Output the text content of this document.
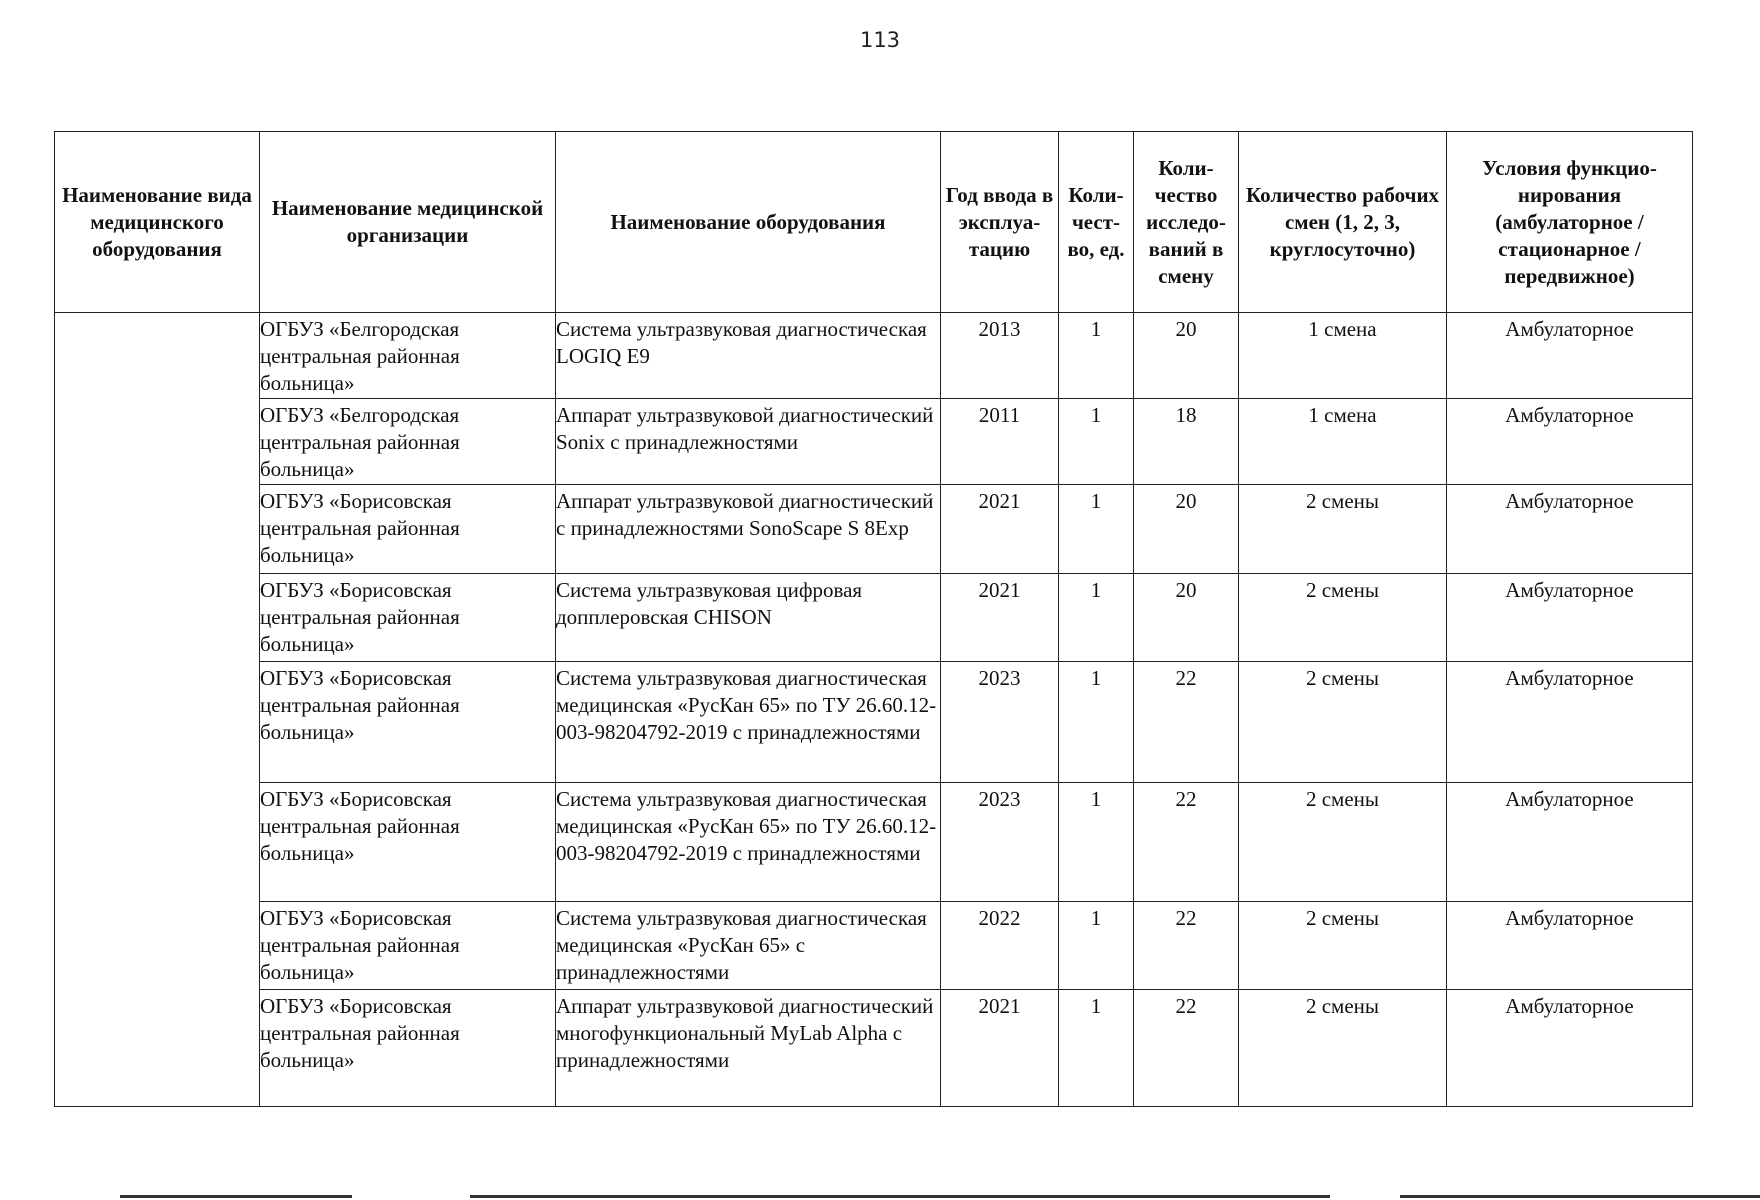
113
Наименование вида медицинского оборудования	Наименование медицинской организации	Наименование оборудования	Год ввода в эксплуа-тацию	Коли-чест-во, ед.	Коли-чество исследо-ваний в смену	Количество рабочих смен (1, 2, 3, круглосуточно)	Условия функцио-нирования (амбулаторное / стационарное / передвижное)
	ОГБУЗ «Белгородская центральная районная больница»	Система ультразвуковая диагностическая LOGIQ E9	2013	1	20	1 смена	Амбулаторное
	ОГБУЗ «Белгородская центральная районная больница»	Аппарат ультразвуковой диагностический Sonix с принадлежностями	2011	1	18	1 смена	Амбулаторное
	ОГБУЗ «Борисовская центральная районная больница»	Аппарат ультразвуковой диагностический с принадлежностями SonoScape S 8Exp	2021	1	20	2 смены	Амбулаторное
	ОГБУЗ «Борисовская центральная районная больница»	Система ультразвуковая цифровая допплеровская CHISON	2021	1	20	2 смены	Амбулаторное
	ОГБУЗ «Борисовская центральная районная больница»	Система ультразвуковая диагностическая медицинская «РусКан 65» по ТУ 26.60.12-003-98204792-2019 с принадлежностями	2023	1	22	2 смены	Амбулаторное
	ОГБУЗ «Борисовская центральная районная больница»	Система ультразвуковая диагностическая медицинская «РусКан 65» по ТУ 26.60.12-003-98204792-2019 с принадлежностями	2023	1	22	2 смены	Амбулаторное
	ОГБУЗ «Борисовская центральная районная больница»	Система ультразвуковая диагностическая медицинская «РусКан 65» с принадлежностями	2022	1	22	2 смены	Амбулаторное
	ОГБУЗ «Борисовская центральная районная больница»	Аппарат ультразвуковой диагностический многофункциональный MyLab Alpha с принадлежностями	2021	1	22	2 смены	Амбулаторное
